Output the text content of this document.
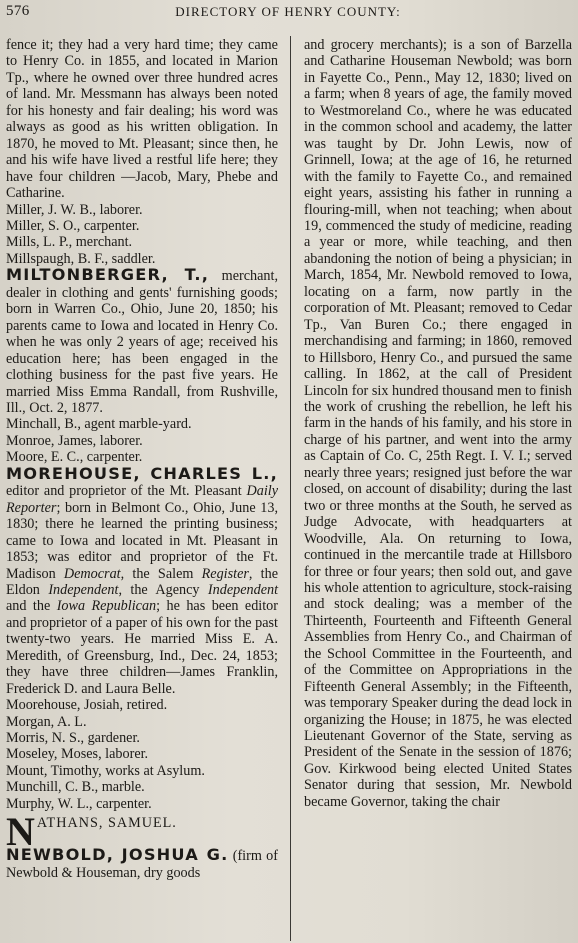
576	DIRECTORY OF HENRY COUNTY:

fence it; they had a very hard time; they came to Henry Co. in 1855, and located in Marion Tp., where he owned over three hundred acres of land. Mr. Messmann has always been noted for his honesty and fair dealing; his word was always as good as his written obligation. In 1870, he moved to Mt. Pleasant; since then, he and his wife have lived a restful life here; they have four children —Jacob, Mary, Phebe and Catharine.

Miller, J. W. B., laborer.

Miller, S. O., carpenter.

Mills, L. P., merchant.

Millspaugh, B. F., saddler.

MILTONBERGER, T., merchant, dealer in clothing and gents' furnishing goods; born in Warren Co., Ohio, June 20, 1850; his parents came to Iowa and located in Henry Co. when he was only 2 years of age; received his education here; has been engaged in the clothing business for the past five years. He married Miss Emma Randall, from Rushville, Ill., Oct. 2, 1877.

Minchall, B., agent marble-yard.

Monroe, James, laborer.

Moore, E. C., carpenter.

MOREHOUSE, CHARLES L., editor and proprietor of the Mt. Pleasant Daily Reporter; born in Belmont Co., Ohio, June 13, 1830; there he learned the printing business; came to Iowa and located in Mt. Pleasant in 1853; was editor and proprietor of the Ft. Madison Democrat, the Salem Register, the Eldon Independent, the Agency Independent and the Iowa Republican; he has been editor and proprietor of a paper of his own for the past twenty-two years. He married Miss E. A. Meredith, of Greensburg, Ind., Dec. 24, 1853; they have three children—James Franklin, Frederick D. and Laura Belle.

Moorehouse, Josiah, retired.

Morgan, A. L.

Morris, N. S., gardener.

Moseley, Moses, laborer.

Mount, Timothy, works at Asylum.

Munchill, C. B., marble.

Murphy, W. L., carpenter.

NATHANS, SAMUEL.

NEWBOLD, JOSHUA G. (firm of Newbold & Houseman, dry goods

and grocery merchants); is a son of Barzella and Catharine Houseman Newbold; was born in Fayette Co., Penn., May 12, 1830; lived on a farm; when 8 years of age, the family moved to Westmoreland Co., where he was educated in the common school and academy, the latter was taught by Dr. John Lewis, now of Grinnell, Iowa; at the age of 16, he returned with the family to Fayette Co., and remained eight years, assisting his father in running a flouring-mill, when not teaching; when about 19, commenced the study of medicine, reading a year or more, while teaching, and then abandoning the notion of being a physician; in March, 1854, Mr. Newbold removed to Iowa, locating on a farm, now partly in the corporation of Mt. Pleasant; removed to Cedar Tp., Van Buren Co.; there engaged in merchandising and farming; in 1860, removed to Hillsboro, Henry Co., and pursued the same calling. In 1862, at the call of President Lincoln for six hundred thousand men to finish the work of crushing the rebellion, he left his farm in the hands of his family, and his store in charge of his partner, and went into the army as Captain of Co. C, 25th Regt. I. V. I.; served nearly three years; resigned just before the war closed, on account of disability; during the last two or three months at the South, he served as Judge Advocate, with headquarters at Woodville, Ala. On returning to Iowa, continued in the mercantile trade at Hillsboro for three or four years; then sold out, and gave his whole attention to agriculture, stock-raising and stock dealing; was a member of the Thirteenth, Fourteenth and Fifteenth General Assemblies from Henry Co., and Chairman of the School Committee in the Fourteenth, and of the Committee on Appropriations in the Fifteenth General Assembly; in the Fifteenth, was temporary Speaker during the dead lock in organizing the House; in 1875, he was elected Lieutenant Governor of the State, serving as President of the Senate in the session of 1876; Gov. Kirkwood being elected United States Senator during that session, Mr. Newbold became Governor, taking the chair
